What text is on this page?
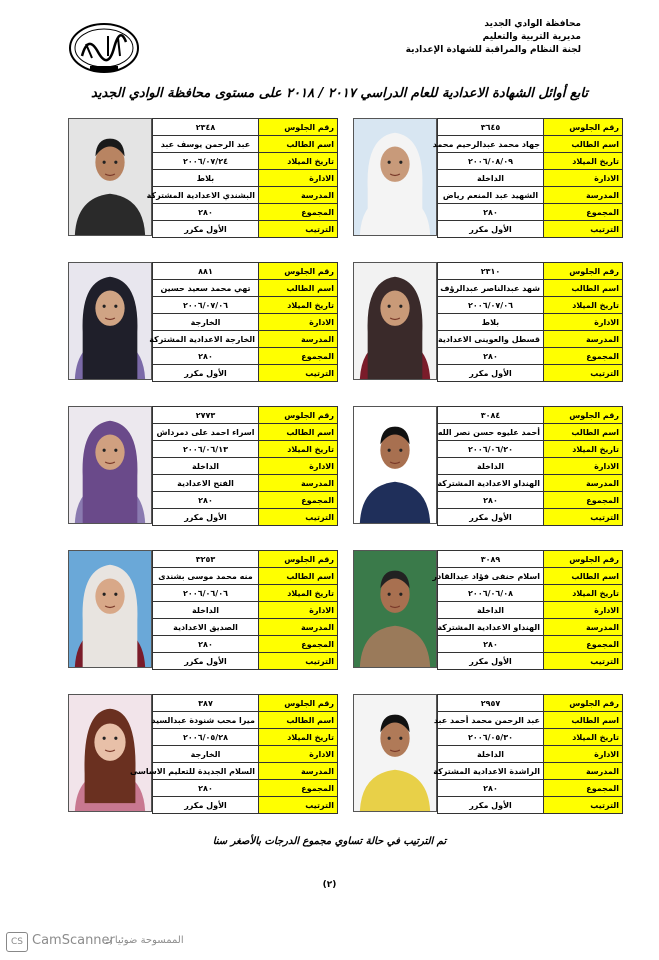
محافظة الوادي الجديد
مديرية التربية والتعليم
لجنة النظام والمراقبة للشهادة الإعدادية
تابع أوائل الشهادة الاعدادية للعام الدراسي ٢٠١٧ / ٢٠١٨ على مستوى محافظة الوادي الجديد
رقم الجلوس	٣٦٤٥
اسم الطالب	جهاد محمد عبدالرحيم محمد
تاريخ الميلاد	٢٠٠٦/٠٨/٠٩
الادارة	الداخلة
المدرسة	الشهيد عبد المنعم رياض
المجموع	٢٨٠
الترتيب	الأول مكرر
رقم الجلوس	٢٣٤٨
اسم الطالب	عبد الرحمن يوسف عبد
تاريخ الميلاد	٢٠٠٦/٠٧/٢٤
الادارة	بلاط
المدرسة	البشندي الاعدادية المشتركة
المجموع	٢٨٠
الترتيب	الأول مكرر
رقم الجلوس	٢٣١٠
اسم الطالب	شهد عبدالناصر عبدالرؤف
تاريخ الميلاد	٢٠٠٦/٠٧/٠٦
الادارة	بلاط
المدرسة	قسطل والعوينى الاعدادية
المجموع	٢٨٠
الترتيب	الأول مكرر
رقم الجلوس	٨٨١
اسم الطالب	تهي محمد سعيد حسين
تاريخ الميلاد	٢٠٠٦/٠٧/٠٦
الادارة	الخارجة
المدرسة	الخارجة الاعدادية المشتركة
المجموع	٢٨٠
الترتيب	الأول مكرر
رقم الجلوس	٣٠٨٤
اسم الطالب	أحمد عليوه حسن نصر الله
تاريخ الميلاد	٢٠٠٦/٠٦/٢٠
الادارة	الداخلة
المدرسة	الهنداو الاعدادية المشتركة
المجموع	٢٨٠
الترتيب	الأول مكرر
رقم الجلوس	٢٧٧٣
اسم الطالب	اسراء احمد على دمرداش
تاريخ الميلاد	٢٠٠٦/٠٦/١٣
الادارة	الداخلة
المدرسة	الفتح الاعدادية
المجموع	٢٨٠
الترتيب	الأول مكرر
رقم الجلوس	٣٠٨٩
اسم الطالب	اسلام حنفى فؤاد عبدالقادر
تاريخ الميلاد	٢٠٠٦/٠٦/٠٨
الادارة	الداخلة
المدرسة	الهنداو الاعدادية المشتركة
المجموع	٢٨٠
الترتيب	الأول مكرر
رقم الجلوس	٣٢٥٣
اسم الطالب	منه محمد موسى بشندى
تاريخ الميلاد	٢٠٠٦/٠٦/٠٦
الادارة	الداخلة
المدرسة	الصديق الاعدادية
المجموع	٢٨٠
الترتيب	الأول مكرر
رقم الجلوس	٢٩٥٧
اسم الطالب	عبد الرحمن محمد أحمد عبد
تاريخ الميلاد	٢٠٠٦/٠٥/٣٠
الادارة	الداخلة
المدرسة	الراشدة الاعدادية المشتركة
المجموع	٢٨٠
الترتيب	الأول مكرر
رقم الجلوس	٣٨٧
اسم الطالب	ميرا محب شنودة عبدالسيد
تاريخ الميلاد	٢٠٠٦/٠٥/٢٨
الادارة	الخارجة
المدرسة	السلام الجديدة للتعليم الاساسى
المجموع	٢٨٠
الترتيب	الأول مكرر
تم الترتيب في حالة تساوي مجموع الدرجات بالأصغر سنا
(٢)
CS CamScanner
الممسوحة ضوئيا بـ
